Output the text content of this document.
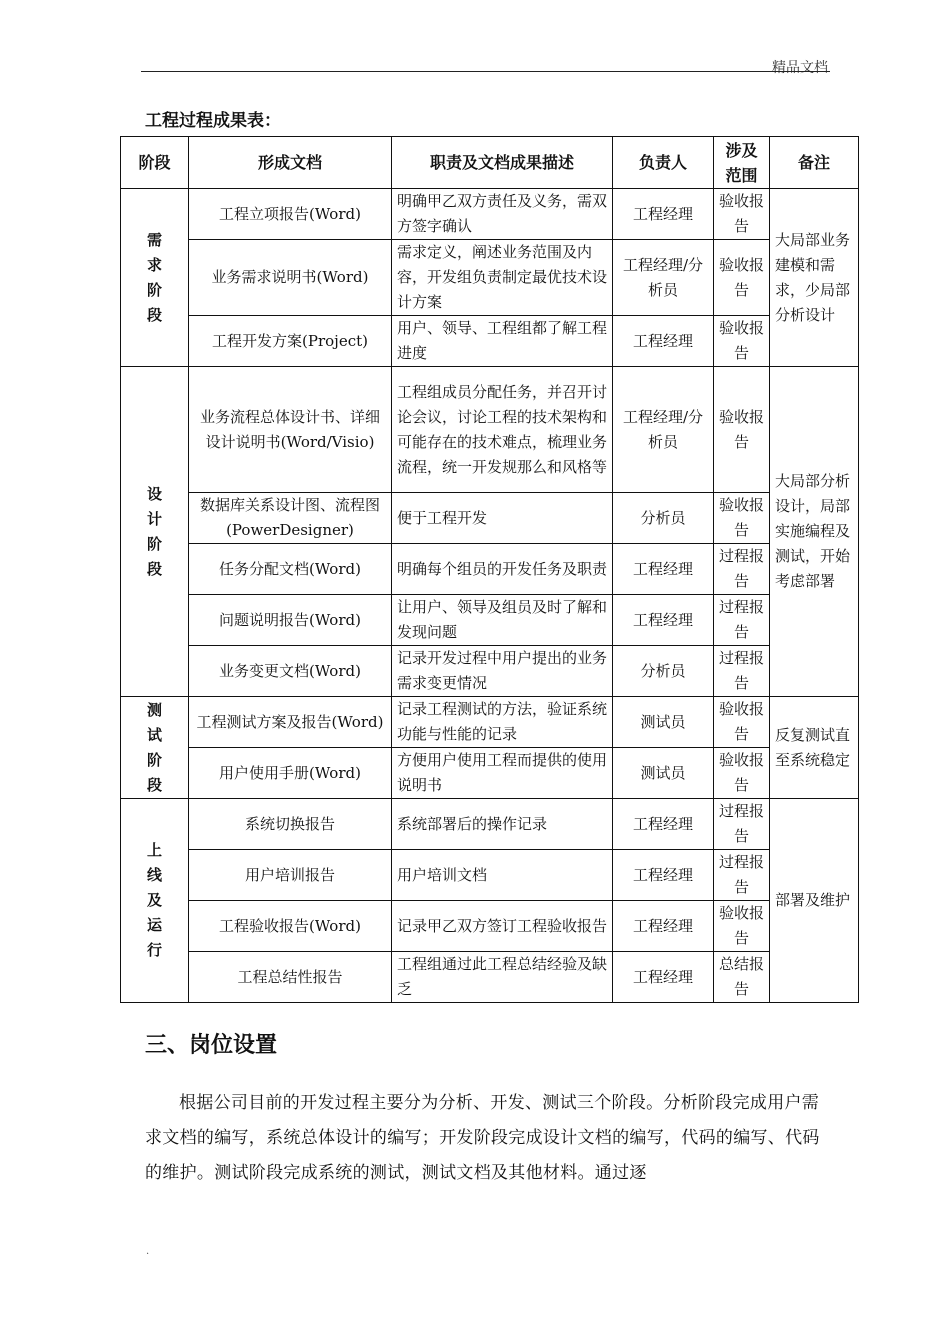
精品文档
工程过程成果表：
阶段	形成文档	职责及文档成果描述	负责人	涉及范围	备注
需求阶段	工程立项报告(Word)	明确甲乙双方责任及义务，需双方签字确认	工程经理	验收报告	大局部业务建模和需求，少局部分析设计
	业务需求说明书(Word)	需求定义，阐述业务范围及内容，开发组负责制定最优技术设计方案	工程经理/分析员	验收报告	
	工程开发方案(Project)	用户、领导、工程组都了解工程进度	工程经理	验收报告	
设计阶段	业务流程总体设计书、详细设计说明书(Word/Visio)	工程组成员分配任务，并召开讨论会议，讨论工程的技术架构和可能存在的技术难点，梳理业务流程，统一开发规那么和风格等	工程经理/分析员	验收报告	大局部分析设计，局部实施编程及测试，开始考虑部署
	数据库关系设计图、流程图(PowerDesigner)	便于工程开发	分析员	验收报告	
	任务分配文档(Word)	明确每个组员的开发任务及职责	工程经理	过程报告	
	问题说明报告(Word)	让用户、领导及组员及时了解和发现问题	工程经理	过程报告	
	业务变更文档(Word)	记录开发过程中用户提出的业务需求变更情况	分析员	过程报告	
测试阶段	工程测试方案及报告(Word)	记录工程测试的方法，验证系统功能与性能的记录	测试员	验收报告	反复测试直至系统稳定
	用户使用手册(Word)	方便用户使用工程而提供的使用说明书	测试员	验收报告	
上线及运行	系统切换报告	系统部署后的操作记录	工程经理	过程报告	部署及维护
	用户培训报告	用户培训文档	工程经理	过程报告	
	工程验收报告(Word)	记录甲乙双方签订工程验收报告	工程经理	验收报告	
	工程总结性报告	工程组通过此工程总结经验及缺乏	工程经理	总结报告	
三、岗位设置

根据公司目前的开发过程主要分为分析、开发、测试三个阶段。分析阶段完成用户需求文档的编写，系统总体设计的编写；开发阶段完成设计文档的编写，代码的编写、代码的维护。测试阶段完成系统的测试，测试文档及其他材料。通过逐

.
